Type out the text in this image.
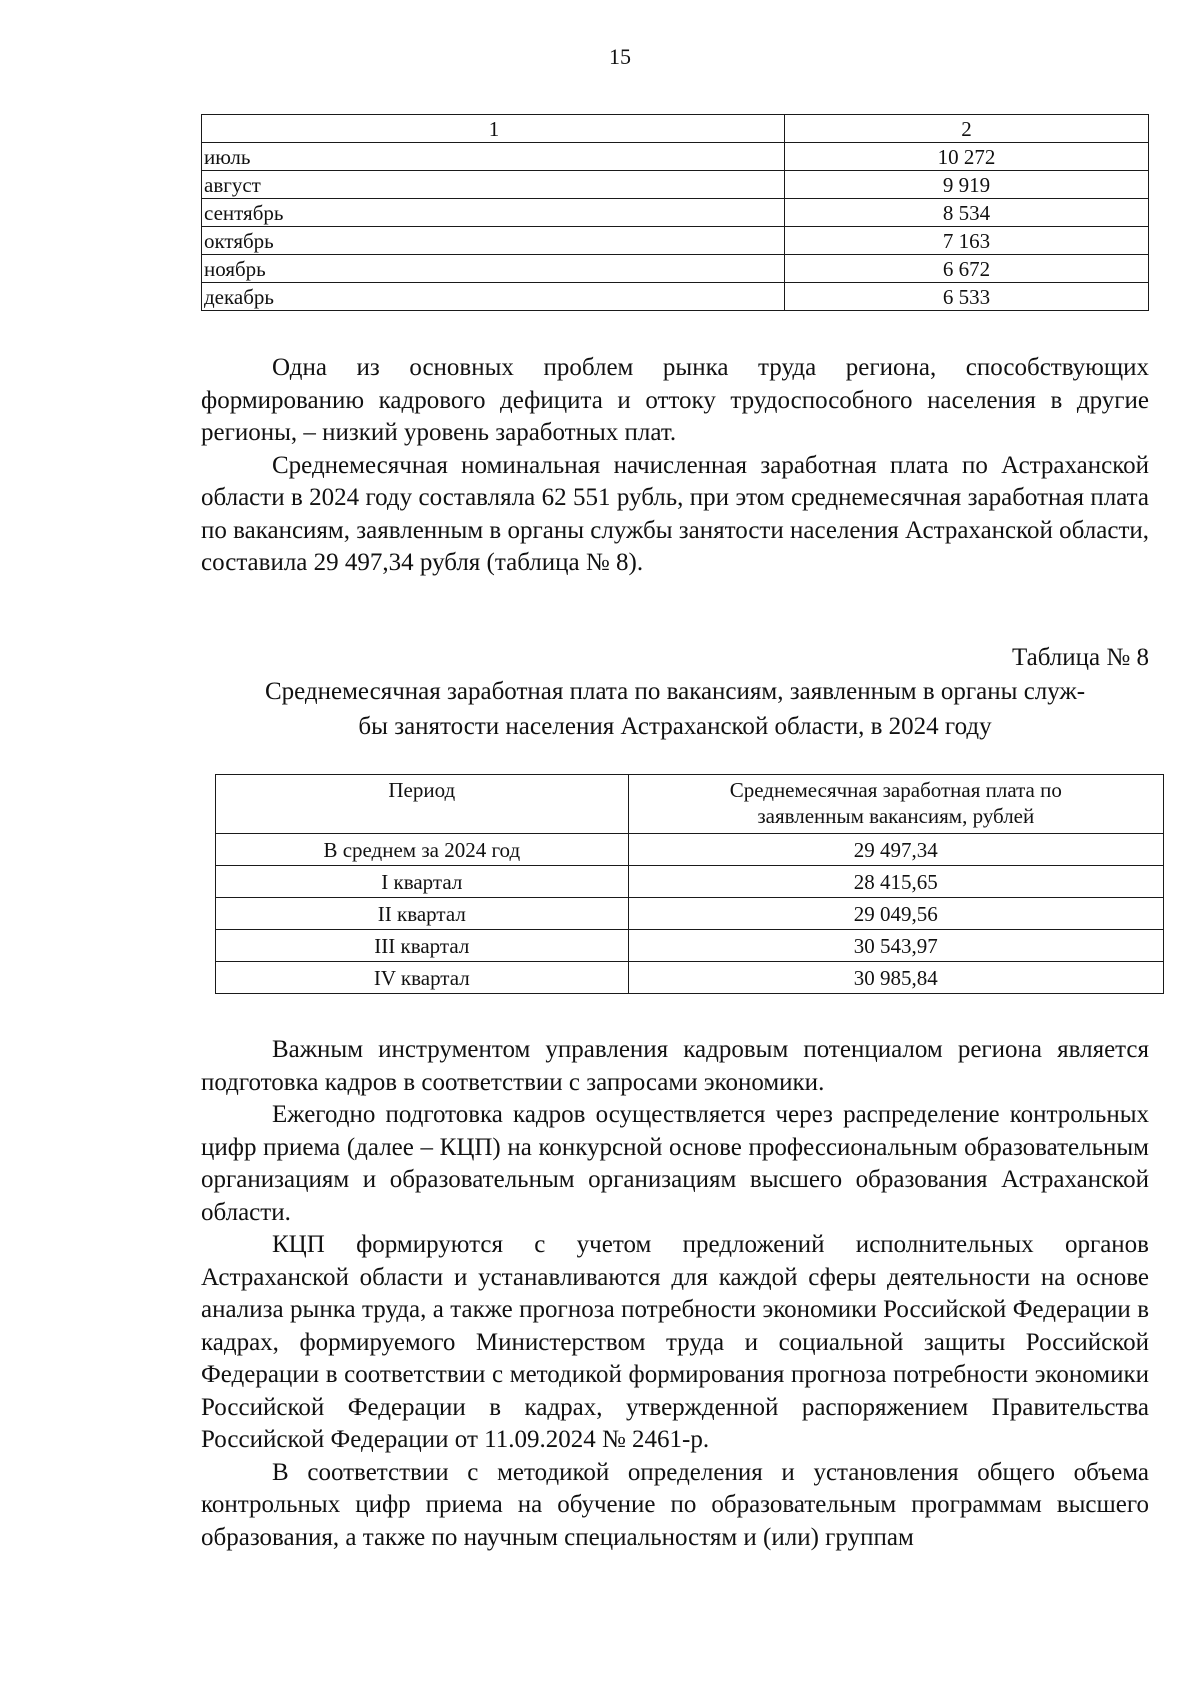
15
1	2
июль	10 272
август	9 919
сентябрь	8 534
октябрь	7 163
ноябрь	6 672
декабрь	6 533

Одна из основных проблем рынка труда региона, способствующих формированию кадрового дефицита и оттоку трудоспособного населения в другие регионы, – низкий уровень заработных плат.

Среднемесячная номинальная начисленная заработная плата по Астраханской области в 2024 году составляла 62 551 рубль, при этом среднемесячная заработная плата по вакансиям, заявленным в органы службы занятости населения Астраханской области, составила 29 497,34 рубля (таблица № 8).

Таблица № 8
Среднемесячная заработная плата по вакансиям, заявленным в органы служ-
бы занятости населения Астраханской области, в 2024 году
Период	Среднемесячная заработная плата по
заявленным вакансиям, рублей

В среднем за 2024 год	29 497,34
I квартал	28 415,65
II квартал	29 049,56
III квартал	30 543,97
IV квартал	30 985,84

Важным инструментом управления кадровым потенциалом региона является подготовка кадров в соответствии с запросами экономики.

Ежегодно подготовка кадров осуществляется через распределение контрольных цифр приема (далее – КЦП) на конкурсной основе профессиональным образовательным организациям и образовательным организациям высшего образования Астраханской области.

КЦП формируются с учетом предложений исполнительных органов Астраханской области и устанавливаются для каждой сферы деятельности на основе анализа рынка труда, а также прогноза потребности экономики Российской Федерации в кадрах, формируемого Министерством труда и социальной защиты Российской Федерации в соответствии с методикой формирования прогноза потребности экономики Российской Федерации в кадрах, утвержденной распоряжением Правительства Российской Федерации от 11.09.2024 № 2461-р.

В соответствии с методикой определения и установления общего объема контрольных цифр приема на обучение по образовательным программам высшего образования, а также по научным специальностям и (или) группам
